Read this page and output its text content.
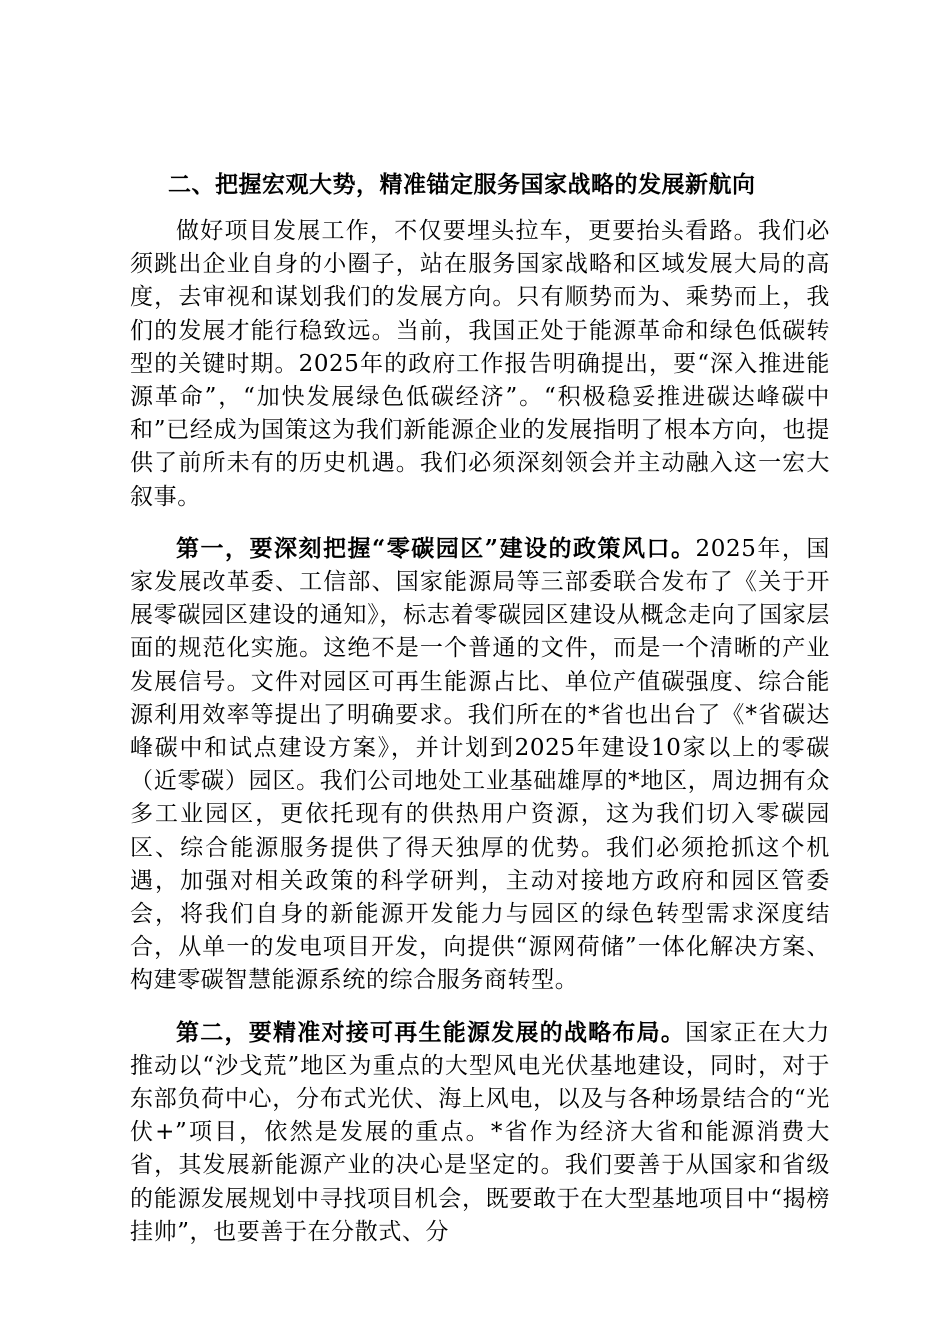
二、把握宏观大势，精准锚定服务国家战略的发展新航向

做好项目发展工作，不仅要埋头拉车，更要抬头看路。我们必须跳出企业自身的小圈子，站在服务国家战略和区域发展大局的高度，去审视和谋划我们的发展方向。只有顺势而为、乘势而上，我们的发展才能行稳致远。当前，我国正处于能源革命和绿色低碳转型的关键时期。2025年的政府工作报告明确提出，要“深入推进能源革命”，“加快发展绿色低碳经济”。“积极稳妥推进碳达峰碳中和”已经成为国策这为我们新能源企业的发展指明了根本方向，也提供了前所未有的历史机遇。我们必须深刻领会并主动融入这一宏大叙事。

第一，要深刻把握“零碳园区”建设的政策风口。2025年，国家发展改革委、工信部、国家能源局等三部委联合发布了《关于开展零碳园区建设的通知》，标志着零碳园区建设从概念走向了国家层面的规范化实施。这绝不是一个普通的文件，而是一个清晰的产业发展信号。文件对园区可再生能源占比、单位产值碳强度、综合能源利用效率等提出了明确要求。我们所在的*省也出台了《*省碳达峰碳中和试点建设方案》，并计划到2025年建设10家以上的零碳（近零碳）园区。我们公司地处工业基础雄厚的*地区，周边拥有众多工业园区，更依托现有的供热用户资源，这为我们切入零碳园区、综合能源服务提供了得天独厚的优势。我们必须抢抓这个机遇，加强对相关政策的科学研判，主动对接地方政府和园区管委会，将我们自身的新能源开发能力与园区的绿色转型需求深度结合，从单一的发电项目开发，向提供“源网荷储”一体化解决方案、构建零碳智慧能源系统的综合服务商转型。

第二，要精准对接可再生能源发展的战略布局。国家正在大力推动以“沙戈荒”地区为重点的大型风电光伏基地建设，同时，对于东部负荷中心，分布式光伏、海上风电，以及与各种场景结合的“光伏+”项目，依然是发展的重点。*省作为经济大省和能源消费大省，其发展新能源产业的决心是坚定的。我们要善于从国家和省级的能源发展规划中寻找项目机会，既要敢于在大型基地项目中“揭榜挂帅”，也要善于在分散式、分
